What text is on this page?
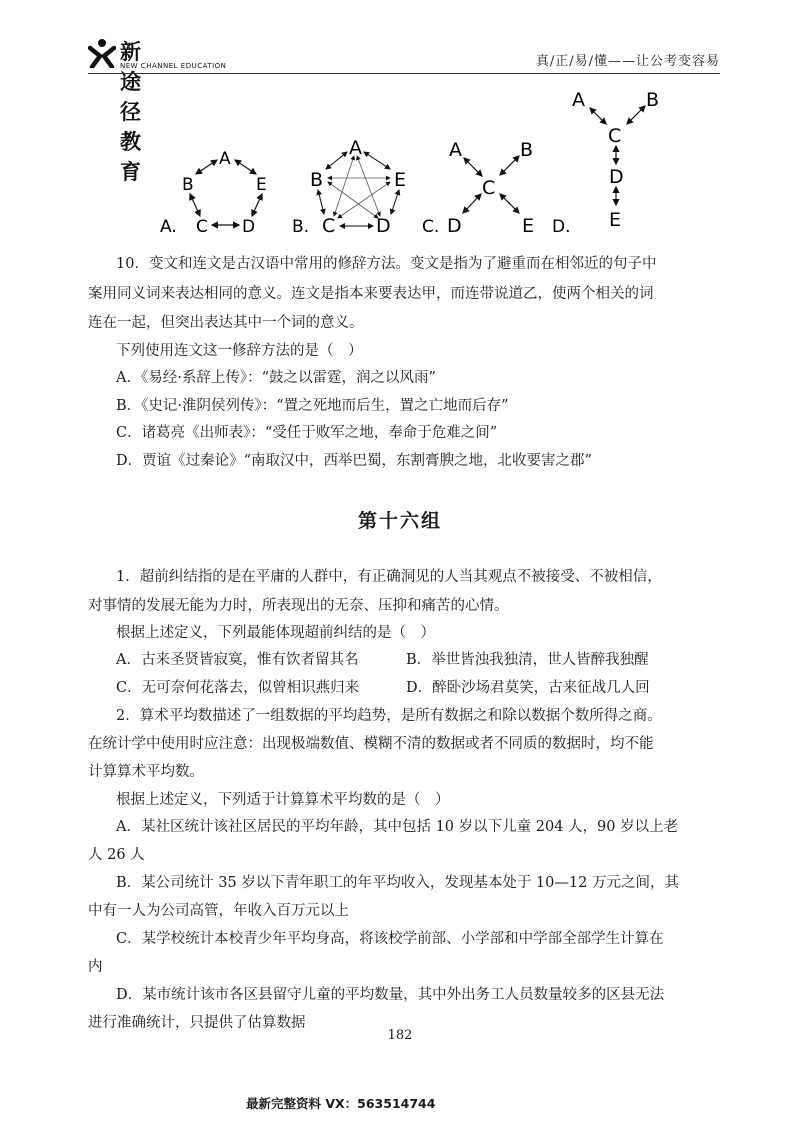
新途径教育
NEW CHANNEL EDUCATION	真/正/易/懂——让公考变容易
A.
A
B	E
C D B.
A
B	E
C D C.
A	B
C
D	E D.
A	B
C
D
E
10．变文和连文是古汉语中常用的修辞方法。变文是指为了避重而在相邻近的句子中
案用同义词来表达相同的意义。连文是指本来要表达甲，而连带说道乙，使两个相关的词
连在一起，但突出表达其中一个词的意义。
下列使用连文这一修辞方法的是（　）
A．《易经·系辞上传》：“鼓之以雷霆，润之以风雨”
B．《史记·淮阴侯列传》：“置之死地而后生，置之亡地而后存”
C．诸葛亮《出师表》：“受任于败军之地，奉命于危难之间”
D．贾谊《过秦论》“南取汉中，西举巴蜀，东割膏腴之地，北收要害之郡”
第十六组
1．超前纠结指的是在平庸的人群中，有正确洞见的人当其观点不被接受、不被相信，
对事情的发展无能为力时，所表现出的无奈、压抑和痛苦的心情。
根据上述定义，下列最能体现超前纠结的是（　）
A．古来圣贤皆寂寞，惟有饮者留其名	B．举世皆浊我独清，世人皆醉我独醒
C．无可奈何花落去，似曾相识燕归来	D．醉卧沙场君莫笑，古来征战几人回
2．算术平均数描述了一组数据的平均趋势，是所有数据之和除以数据个数所得之商。
在统计学中使用时应注意：出现极端数值、模糊不清的数据或者不同质的数据时，均不能
计算算术平均数。
根据上述定义，下列适于计算算术平均数的是（　）
A．某社区统计该社区居民的平均年龄，其中包括 10 岁以下儿童 204 人，90 岁以上老
人 26 人
B．某公司统计 35 岁以下青年职工的年平均收入，发现基本处于 10—12 万元之间，其
中有一人为公司高管，年收入百万元以上
C．某学校统计本校青少年平均身高，将该校学前部、小学部和中学部全部学生计算在
内
D．某市统计该市各区县留守儿童的平均数量，其中外出务工人员数量较多的区县无法
进行准确统计，只提供了估算数据
182
最新完整资料 VX：563514744
